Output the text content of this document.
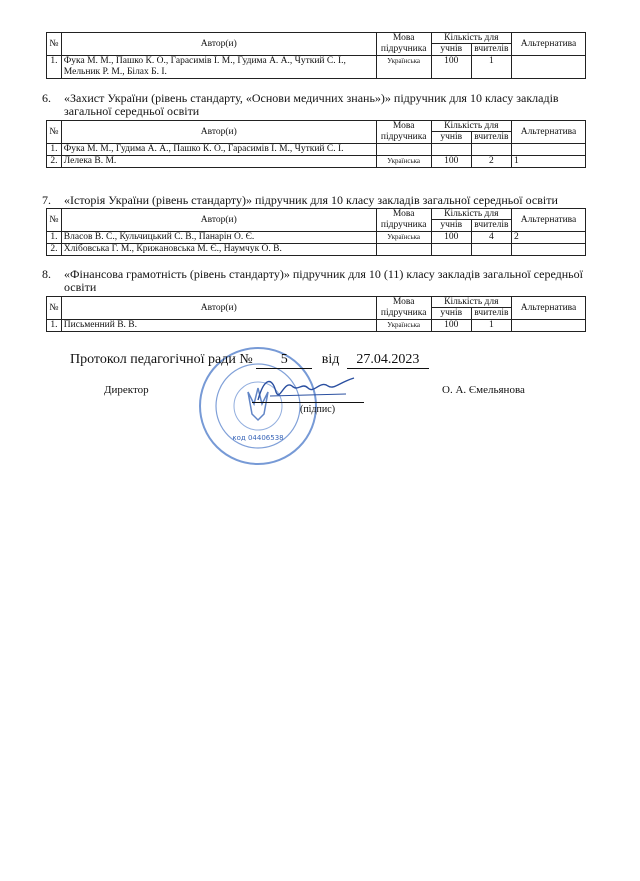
№	Автор(и)	Мова підручника	Кількість для		Альтернатива
			учнів	вчителів	
1.	Фука М. М., Пашко К. О., Гарасимів І. М., Гудима А. А., Чуткий С. І., Мельник Р. М., Білах Б. І.	Українська	100	1	
6.	«Захист України (рівень стандарту, «Основи медичних знань»)» підручник для 10 класу закладів загальної середньої освіти
№	Автор(и)	Мова підручника	Кількість для		Альтернатива
			учнів	вчителів	
1.	Фука М. М., Гудима А. А., Пашко К. О., Гарасимів І. М., Чуткий С. І.				
2.	Лелека В. М.	Українська	100	2	1
7.	«Історія України (рівень стандарту)» підручник для 10 класу закладів загальної середньої освіти
№	Автор(и)	Мова підручника	Кількість для		Альтернатива
			учнів	вчителів	
1.	Власов В. С., Кульчицький С. В., Панарін О. Є.	Українська	100	4	2
2.	Хлібовська Г. М., Крижановська М. Є., Наумчук О. В.				
8.	«Фінансова грамотність (рівень стандарту)» підручник для 10 (11) класу закладів загальної середньої освіти
№	Автор(и)	Мова підручника	Кількість для		Альтернатива
			учнів	вчителів	
1.	Письменний В. В.	Українська	100	1	
код 04406538
Протокол педагогічної ради № 5 від 27.04.2023
Директор
(підпис)
О. А. Ємельянова
